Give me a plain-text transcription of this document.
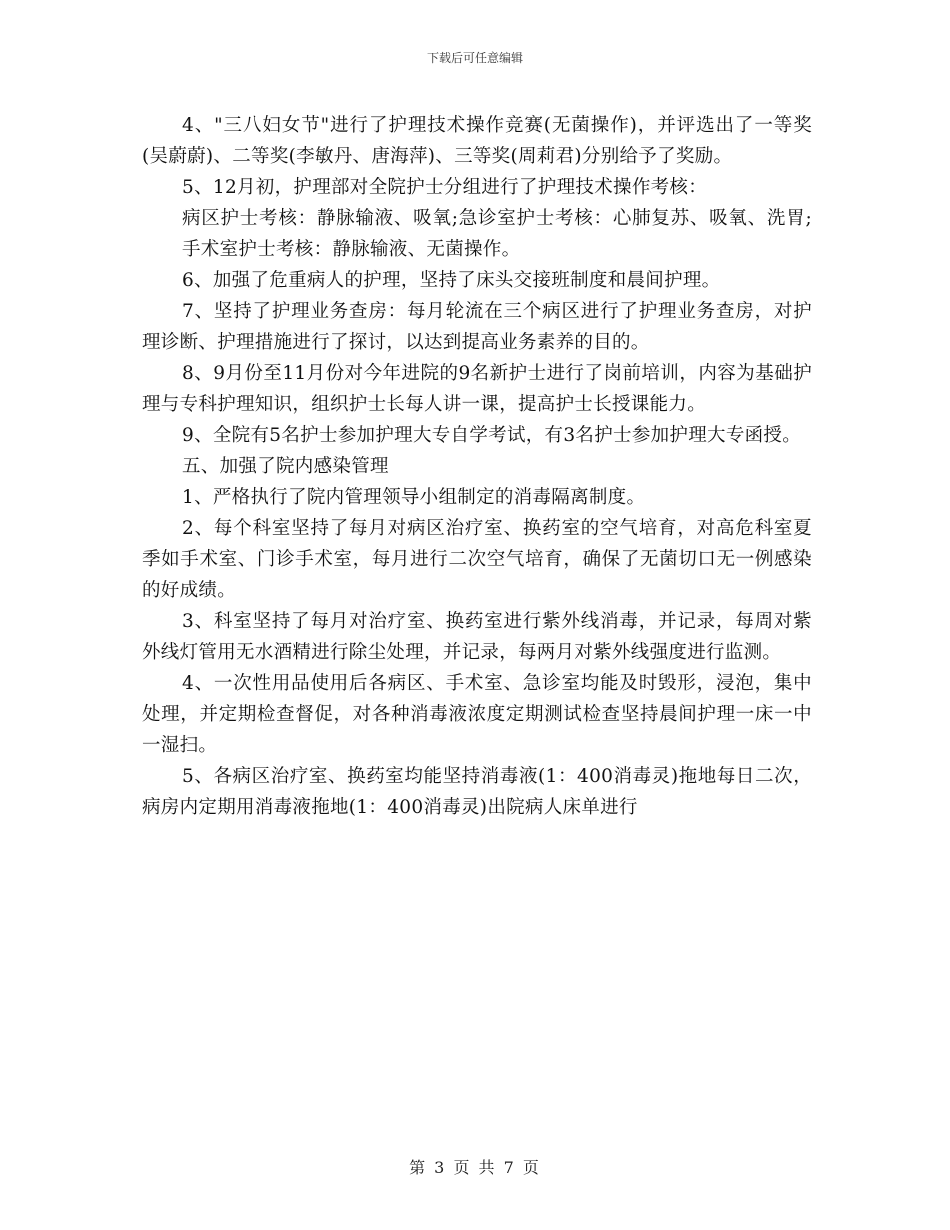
下载后可任意编辑

4、"三八妇女节"进行了护理技术操作竞赛(无菌操作)，并评选出了一等奖(吴蔚蔚)、二等奖(李敏丹、唐海萍)、三等奖(周莉君)分别给予了奖励。

5、12月初，护理部对全院护士分组进行了护理技术操作考核：

病区护士考核：静脉输液、吸氧;急诊室护士考核：心肺复苏、吸氧、洗胃;手术室护士考核：静脉输液、无菌操作。

6、加强了危重病人的护理，坚持了床头交接班制度和晨间护理。

7、坚持了护理业务查房：每月轮流在三个病区进行了护理业务查房，对护理诊断、护理措施进行了探讨，以达到提高业务素养的目的。

8、9月份至11月份对今年进院的9名新护士进行了岗前培训，内容为基础护理与专科护理知识，组织护士长每人讲一课，提高护士长授课能力。

9、全院有5名护士参加护理大专自学考试，有3名护士参加护理大专函授。

五、加强了院内感染管理

1、严格执行了院内管理领导小组制定的消毒隔离制度。

2、每个科室坚持了每月对病区治疗室、换药室的空气培育，对高危科室夏季如手术室、门诊手术室，每月进行二次空气培育，确保了无菌切口无一例感染的好成绩。

3、科室坚持了每月对治疗室、换药室进行紫外线消毒，并记录，每周对紫外线灯管用无水酒精进行除尘处理，并记录，每两月对紫外线强度进行监测。

4、一次性用品使用后各病区、手术室、急诊室均能及时毁形，浸泡，集中处理，并定期检查督促，对各种消毒液浓度定期测试检查坚持晨间护理一床一中一湿扫。

5、各病区治疗室、换药室均能坚持消毒液(1：400消毒灵)拖地每日二次，病房内定期用消毒液拖地(1：400消毒灵)出院病人床单进行

第 3 页 共 7 页
